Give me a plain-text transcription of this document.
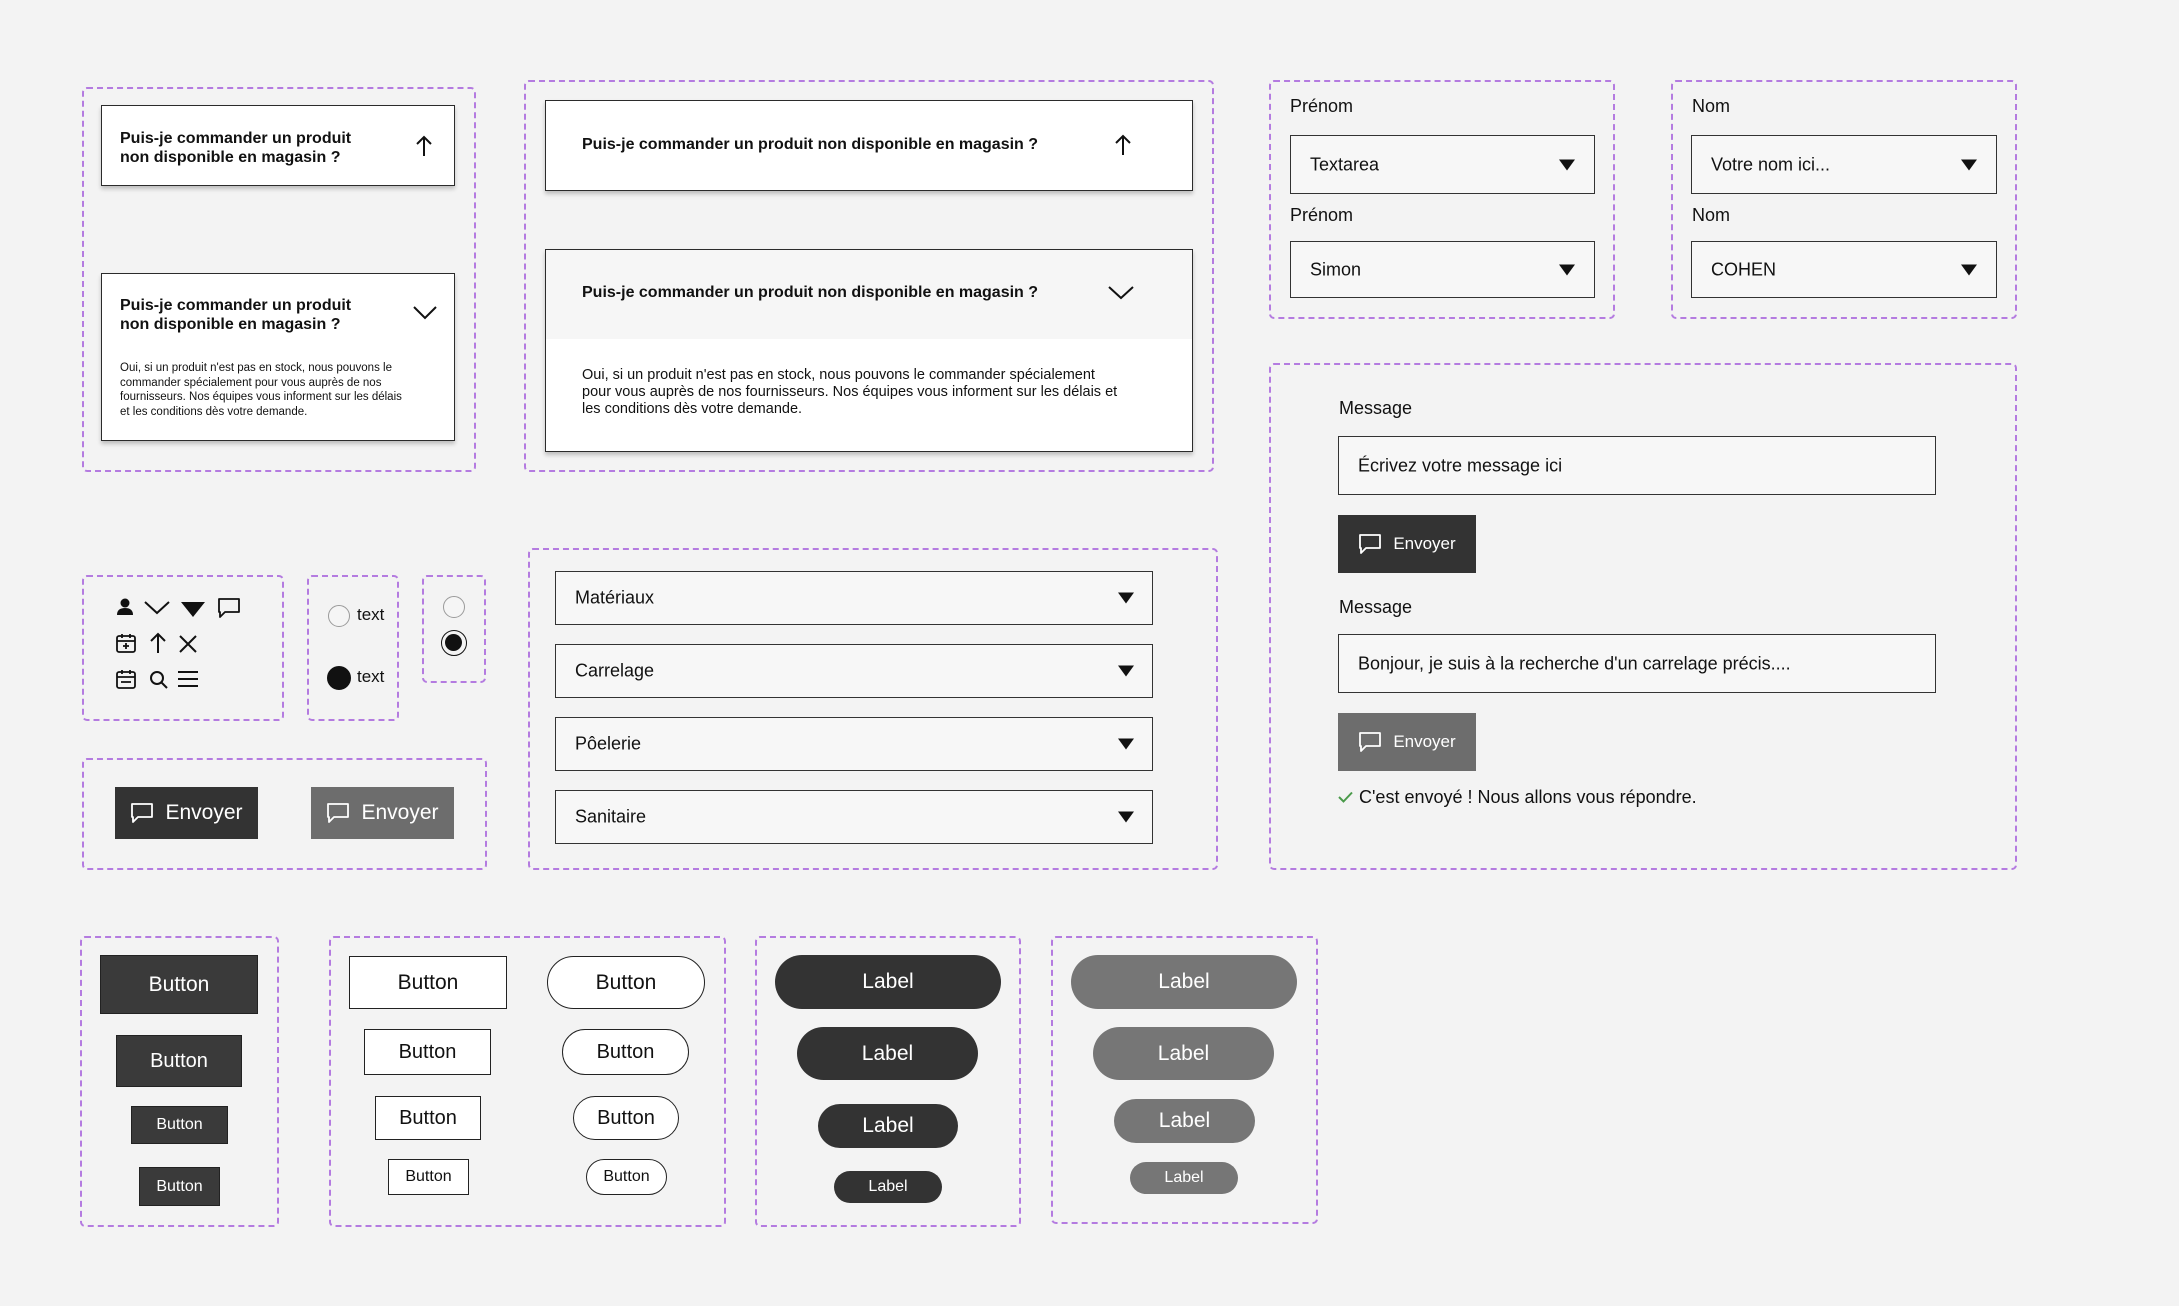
Puis-je commander un produit
non disponible en magasin ?
Puis-je commander un produit
non disponible en magasin ?
Oui, si un produit n'est pas en stock, nous pouvons le
commander spécialement pour vous auprès de nos
fournisseurs. Nos équipes vous informent sur les délais
et les conditions dès votre demande.
Puis-je commander un produit non disponible en magasin ?
Puis-je commander un produit non disponible en magasin ?
Oui, si un produit n'est pas en stock, nous pouvons le commander spécialement
pour vous auprès de nos fournisseurs. Nos équipes vous informent sur les délais et
les conditions dès votre demande.
Prénom
Textarea
Prénom
Simon
Nom
Votre nom ici...
Nom
COHEN
text
text
Envoyer	Envoyer
Matériaux
Carrelage
Pôelerie
Sanitaire
Message
Écrivez votre message ici
Envoyer
Message
Bonjour, je suis à la recherche d'un carrelage précis....
Envoyer
C'est envoyé ! Nous allons vous répondre.
Button
Button
Button
Button
Button
Button
Button
Button
Button
Button
Button
Button
Label
Label
Label
Label
Label
Label
Label
Label
